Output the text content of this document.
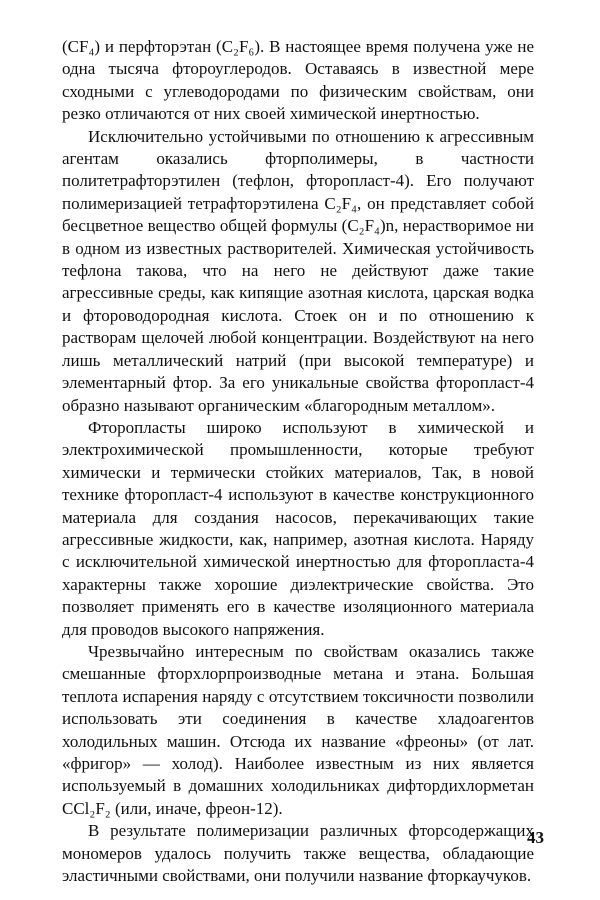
(CF₄) и перфторэтан (C₂F₆). В настоящее время получена уже не одна тысяча фтороуглеродов. Оставаясь в известной мере сходными с углеводородами по физическим свойствам, они резко отличаются от них своей химической инертностью.

Исключительно устойчивыми по отношению к агрессивным агентам оказались фторполимеры, в частности политетрафторэтилен (тефлон, фторопласт-4). Его получают полимеризацией тетрафторэтилена C₂F₄, он представляет собой бесцветное вещество общей формулы (C₂F₄)n, нерастворимое ни в одном из известных растворителей. Химическая устойчивость тефлона такова, что на него не действуют даже такие агрессивные среды, как кипящие азотная кислота, царская водка и фтороводородная кислота. Стоек он и по отношению к растворам щелочей любой концентрации. Воздействуют на него лишь металлический натрий (при высокой температуре) и элементарный фтор. За его уникальные свойства фторопласт-4 образно называют органическим «благородным металлом».

Фторопласты широко используют в химической и электрохимической промышленности, которые требуют химически и термически стойких материалов, Так, в новой технике фторопласт-4 используют в качестве конструкционного материала для создания насосов, перекачивающих такие агрессивные жидкости, как, например, азотная кислота. Наряду с исключительной химической инертностью для фторопласта-4 характерны также хорошие диэлектрические свойства. Это позволяет применять его в качестве изоляционного материала для проводов высокого напряжения.

Чрезвычайно интересным по свойствам оказались также смешанные фторхлорпроизводные метана и этана. Большая теплота испарения наряду с отсутствием токсичности позволили использовать эти соединения в качестве хладоагентов холодильных машин. Отсюда их название «фреоны» (от лат. «фригор» — холод). Наиболее известным из них является используемый в домашних холодильниках дифтордихлорметан CCl₂F₂ (или, иначе, фреон-12).

В результате полимеризации различных фторсодержащих мономеров удалось получить также вещества, обладающие эластичными свойствами, они получили название фторкаучуков.

43
